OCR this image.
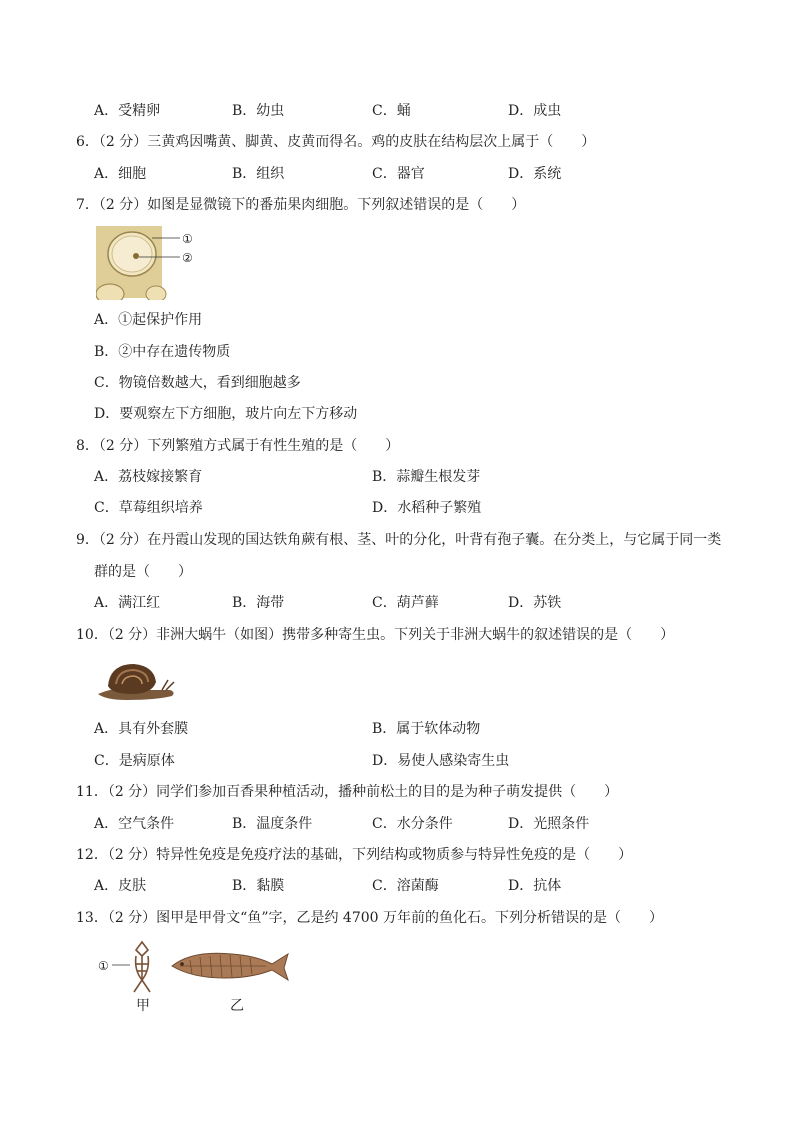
A．受精卵	B．幼虫	C．蛹	D．成虫
6．（2 分）三黄鸡因嘴黄、脚黄、皮黄而得名。鸡的皮肤在结构层次上属于（　　）
A．细胞	B．组织	C．器官	D．系统
7．（2 分）如图是显微镜下的番茄果肉细胞。下列叙述错误的是（　　）
①
②
A．①起保护作用
B．②中存在遗传物质
C．物镜倍数越大，看到细胞越多
D．要观察左下方细胞，玻片向左下方移动
8．（2 分）下列繁殖方式属于有性生殖的是（　　）
A．荔枝嫁接繁育	B．蒜瓣生根发芽
C．草莓组织培养	D．水稻种子繁殖
9．（2 分）在丹霞山发现的国达铁角蕨有根、茎、叶的分化，叶背有孢子囊。在分类上，与它属于同一类
群的是（　　）
A．满江红	B．海带	C．葫芦藓	D．苏铁
10．（2 分）非洲大蜗牛（如图）携带多种寄生虫。下列关于非洲大蜗牛的叙述错误的是（　　）
A．具有外套膜	B．属于软体动物
C．是病原体	D．易使人感染寄生虫
11．（2 分）同学们参加百香果种植活动，播种前松土的目的是为种子萌发提供（　　）
A．空气条件	B．温度条件	C．水分条件	D．光照条件
12．（2 分）特异性免疫是免疫疗法的基础，下列结构或物质参与特异性免疫的是（　　）
A．皮肤	B．黏膜	C．溶菌酶	D．抗体
13．（2 分）图甲是甲骨文“鱼”字，乙是约 4700 万年前的鱼化石。下列分析错误的是（　　）
①
甲	乙
